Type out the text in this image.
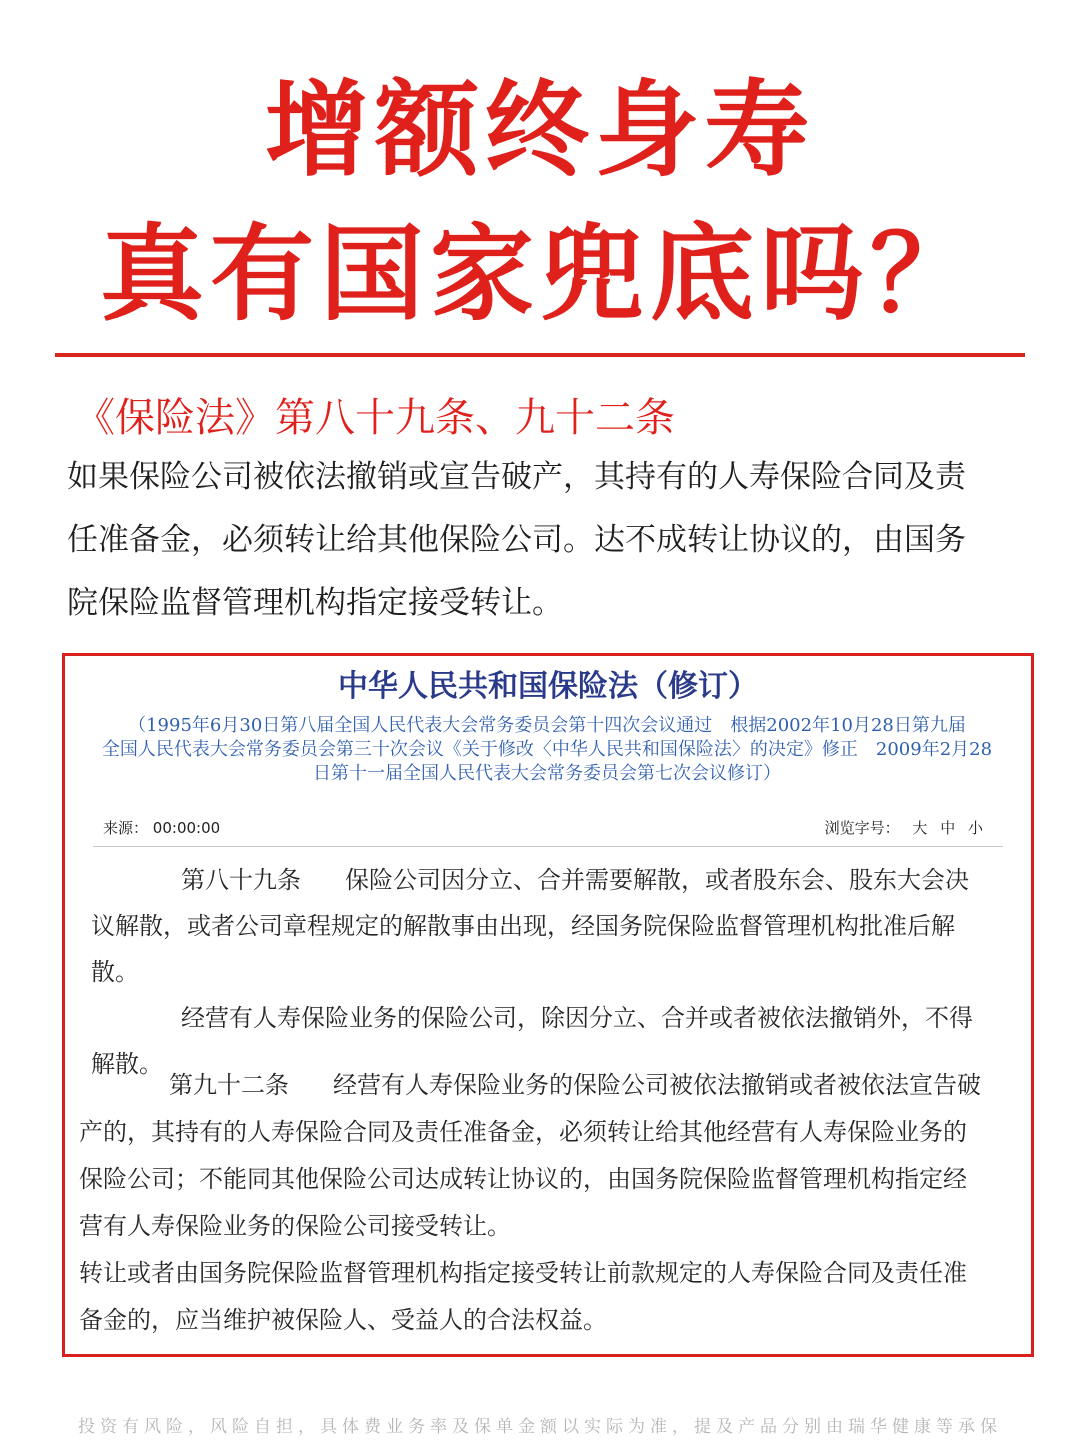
增额终身寿
真有国家兜底吗？
《保险法》第八十九条、九十二条

如果保险公司被依法撤销或宣告破产，其持有的人寿保险合同及责

任准备金，必须转让给其他保险公司。达不成转让协议的，由国务

院保险监督管理机构指定接受转让。

中华人民共和国保险法（修订）
（1995年6月30日第八届全国人民代表大会常务委员会第十四次会议通过　根据2002年10月28日第九届
全国人民代表大会常务委员会第三十次会议《关于修改〈中华人民共和国保险法〉的决定》修正　2009年2月28
日第十一届全国人民代表大会常务委员会第七次会议修订）
来源： 00:00:00	浏览字号： 大 中 小

第八十九条 保险公司因分立、合并需要解散，或者股东会、股东大会决议解散，或者公司章程规定的解散事由出现，经国务院保险监督管理机构批准后解散。

经营有人寿保险业务的保险公司，除因分立、合并或者被依法撤销外，不得解散。

第九十二条 经营有人寿保险业务的保险公司被依法撤销或者被依法宣告破产的，其持有的人寿保险合同及责任准备金，必须转让给其他经营有人寿保险业务的保险公司；不能同其他保险公司达成转让协议的，由国务院保险监督管理机构指定经营有人寿保险业务的保险公司接受转让。

转让或者由国务院保险监督管理机构指定接受转让前款规定的人寿保险合同及责任准备金的，应当维护被保险人、受益人的合法权益。

投资有风险，风险自担，具体费业务率及保单金额以实际为准，提及产品分别由瑞华健康等承保
